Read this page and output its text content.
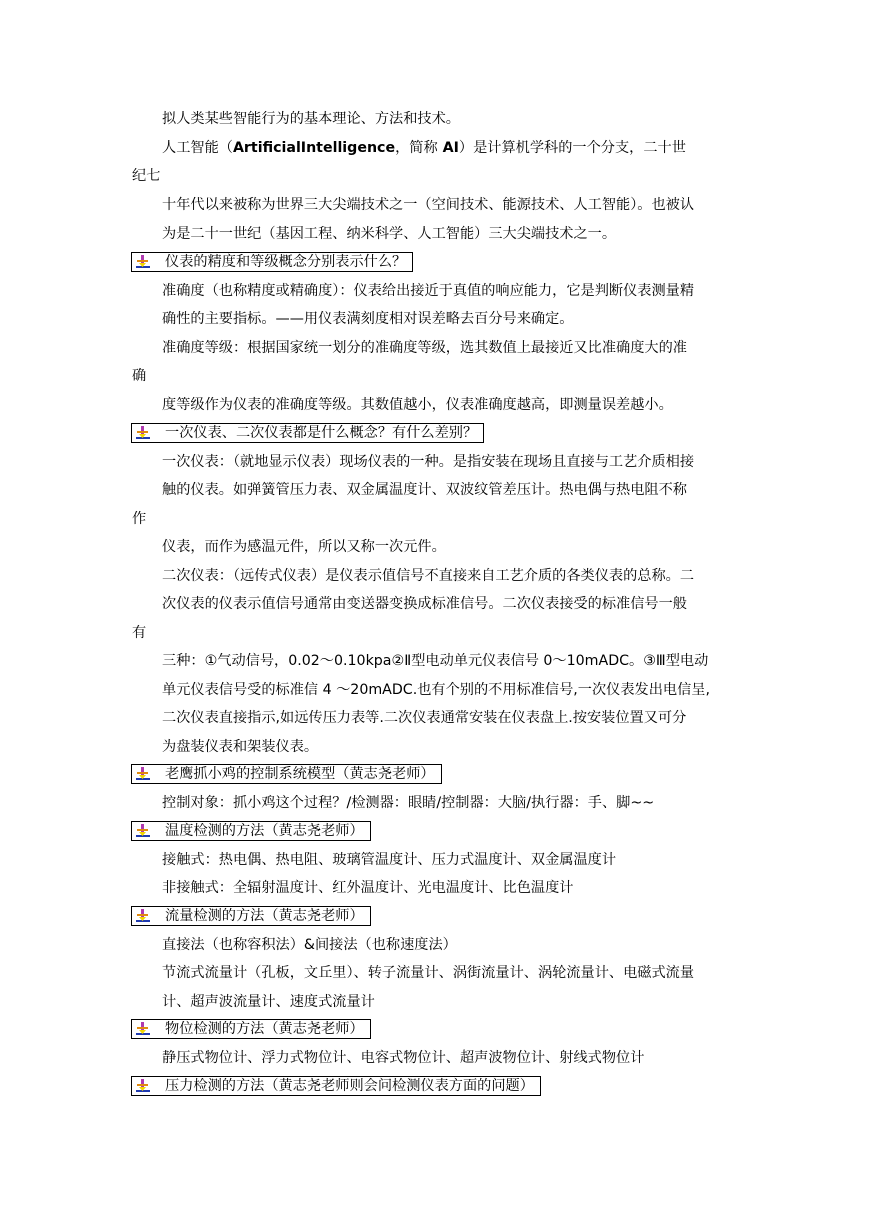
拟人类某些智能行为的基本理论、方法和技术。
人工智能（ArtificialIntelligence，简称 AI）是计算机学科的一个分支，二十世
纪七
十年代以来被称为世界三大尖端技术之一（空间技术、能源技术、人工智能）。也被认
为是二十一世纪（基因工程、纳米科学、人工智能）三大尖端技术之一。
仪表的精度和等级概念分别表示什么？
准确度（也称精度或精确度）：仪表给出接近于真值的响应能力，它是判断仪表测量精
确性的主要指标。——用仪表满刻度相对误差略去百分号来确定。
准确度等级：根据国家统一划分的准确度等级，选其数值上最接近又比准确度大的准
确
度等级作为仪表的准确度等级。其数值越小，仪表准确度越高，即测量误差越小。
一次仪表、二次仪表都是什么概念？有什么差别？
一次仪表：（就地显示仪表）现场仪表的一种。是指安装在现场且直接与工艺介质相接
触的仪表。如弹簧管压力表、双金属温度计、双波纹管差压计。热电偶与热电阻不称
作
仪表，而作为感温元件，所以又称一次元件。
二次仪表：（远传式仪表）是仪表示值信号不直接来自工艺介质的各类仪表的总称。二
次仪表的仪表示值信号通常由变送器变换成标准信号。二次仪表接受的标准信号一般
有
三种：①气动信号，0.02～0.10kpa②Ⅱ型电动单元仪表信号 0～10mADC。③Ⅲ型电动
单元仪表信号受的标准信 4 ～20mADC.也有个别的不用标准信号,一次仪表发出电信呈,
二次仪表直接指示,如远传压力表等.二次仪表通常安装在仪表盘上.按安装位置又可分
为盘装仪表和架装仪表。
老鹰抓小鸡的控制系统模型（黄志尧老师）
控制对象：抓小鸡这个过程？/检测器：眼睛/控制器：大脑/执行器：手、脚~~
温度检测的方法（黄志尧老师）
接触式：热电偶、热电阻、玻璃管温度计、压力式温度计、双金属温度计
非接触式：全辐射温度计、红外温度计、光电温度计、比色温度计
流量检测的方法（黄志尧老师）
直接法（也称容积法）&间接法（也称速度法）
节流式流量计（孔板，文丘里）、转子流量计、涡街流量计、涡轮流量计、电磁式流量
计、超声波流量计、速度式流量计
物位检测的方法（黄志尧老师）
静压式物位计、浮力式物位计、电容式物位计、超声波物位计、射线式物位计
压力检测的方法（黄志尧老师则会问检测仪表方面的问题）
